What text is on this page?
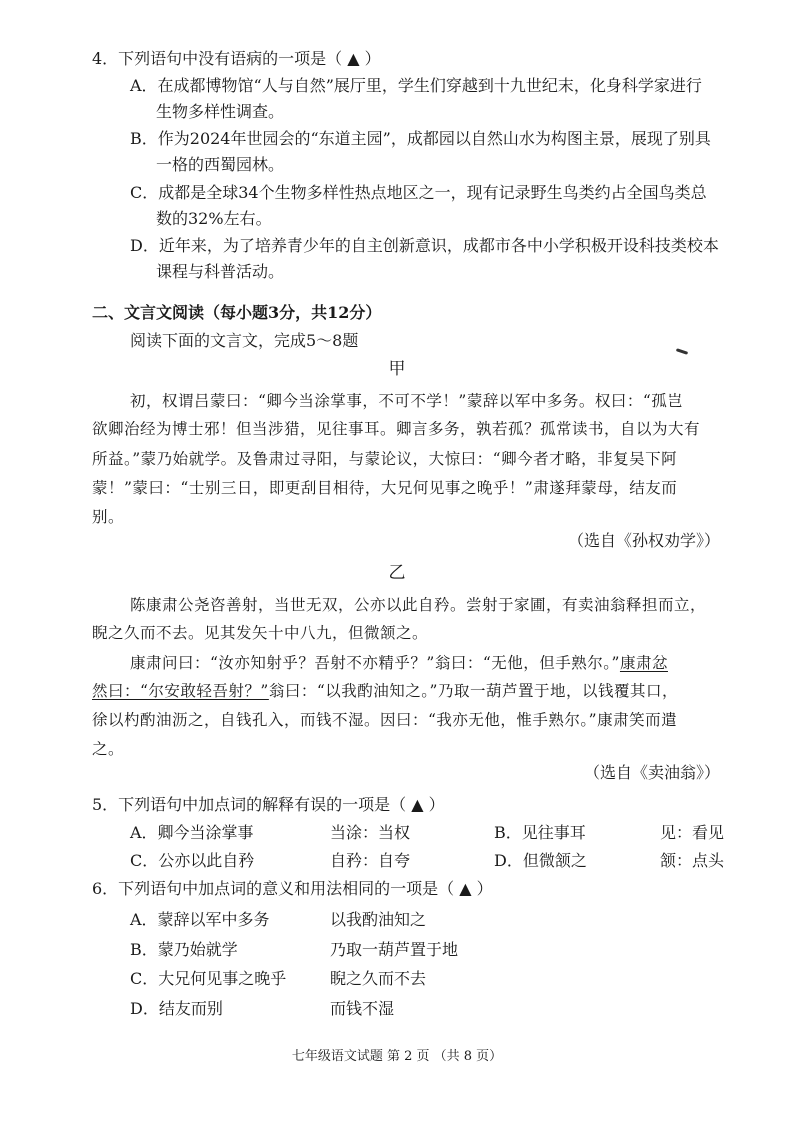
4．下列语句中没有语病的一项是（ ▲ ）
A．在成都博物馆“人与自然”展厅里，学生们穿越到十九世纪末，化身科学家进行
生物多样性调查。
B．作为2024年世园会的“东道主园”，成都园以自然山水为构图主景，展现了别具
一格的西蜀园林。
C．成都是全球34个生物多样性热点地区之一，现有记录野生鸟类约占全国鸟类总
数的32%左右。
D．近年来，为了培养青少年的自主创新意识，成都市各中小学积极开设科技类校本
课程与科普活动。
二、文言文阅读（每小题3分，共12分）
阅读下面的文言文，完成5～8题
甲
初，权谓吕蒙曰：“卿今当涂掌事，不可不学！”蒙辞以军中多务。权曰：“孤岂
欲卿治经为博士邪！但当涉猎，见往事耳。卿言多务，孰若孤？孤常读书，自以为大有
所益。”蒙乃始就学。及鲁肃过寻阳，与蒙论议，大惊曰：“卿今者才略，非复吴下阿
蒙！”蒙曰：“士别三日，即更刮目相待，大兄何见事之晚乎！”肃遂拜蒙母，结友而
别。
（选自《孙权劝学》）
乙
陈康肃公尧咨善射，当世无双，公亦以此自矜。尝射于家圃，有卖油翁释担而立，
睨之久而不去。见其发矢十中八九，但微颔之。
康肃问曰：“汝亦知射乎？吾射不亦精乎？”翁曰：“无他，但手熟尔。”康肃忿
然曰：“尔安敢轻吾射？”翁曰：“以我酌油知之。”乃取一葫芦置于地，以钱覆其口，
徐以杓酌油沥之，自钱孔入，而钱不湿。因曰：“我亦无他，惟手熟尔。”康肃笑而遣
之。
（选自《卖油翁》）
5．下列语句中加点词的解释有误的一项是（ ▲ ）
A．卿今当涂掌事	当涂：当权	B．见往事耳	见：看见
C．公亦以此自矜	自矜：自夸	D．但微颔之	颔：点头
6．下列语句中加点词的意义和用法相同的一项是（ ▲ ）
A．蒙辞以军中多务	以我酌油知之
B．蒙乃始就学	乃取一葫芦置于地
C．大兄何见事之晚乎	睨之久而不去
D．结友而别	而钱不湿
七年级语文试题 第 2 页 （共 8 页）
